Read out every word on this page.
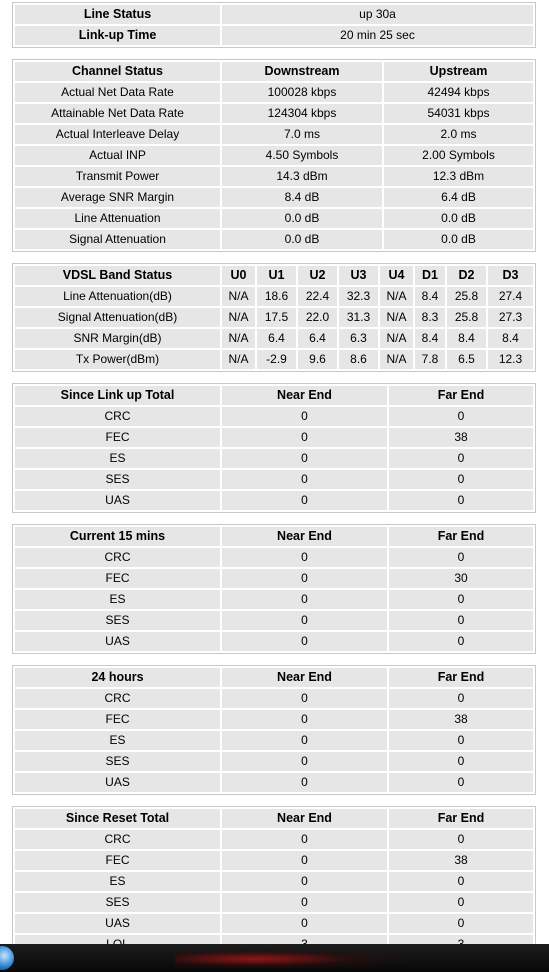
Line Status	up 30a
Link-up Time	20 min 25 sec
Channel Status	Downstream	Upstream
Actual Net Data Rate	100028 kbps	42494 kbps
Attainable Net Data Rate	124304 kbps	54031 kbps
Actual Interleave Delay	7.0 ms	2.0 ms
Actual INP	4.50 Symbols	2.00 Symbols
Transmit Power	14.3 dBm	12.3 dBm
Average SNR Margin	8.4 dB	6.4 dB
Line Attenuation	0.0 dB	0.0 dB
Signal Attenuation	0.0 dB	0.0 dB
VDSL Band Status	U0	U1	U2	U3	U4	D1	D2	D3
Line Attenuation(dB)	N/A	18.6	22.4	32.3	N/A	8.4	25.8	27.4
Signal Attenuation(dB)	N/A	17.5	22.0	31.3	N/A	8.3	25.8	27.3
SNR Margin(dB)	N/A	6.4	6.4	6.3	N/A	8.4	8.4	8.4
Tx Power(dBm)	N/A	-2.9	9.6	8.6	N/A	7.8	6.5	12.3
Since Link up Total	Near End	Far End
CRC	0	0
FEC	0	38
ES	0	0
SES	0	0
UAS	0	0
Current 15 mins	Near End	Far End
CRC	0	0
FEC	0	30
ES	0	0
SES	0	0
UAS	0	0
24 hours	Near End	Far End
CRC	0	0
FEC	0	38
ES	0	0
SES	0	0
UAS	0	0
Since Reset Total	Near End	Far End
CRC	0	0
FEC	0	38
ES	0	0
SES	0	0
UAS	0	0
